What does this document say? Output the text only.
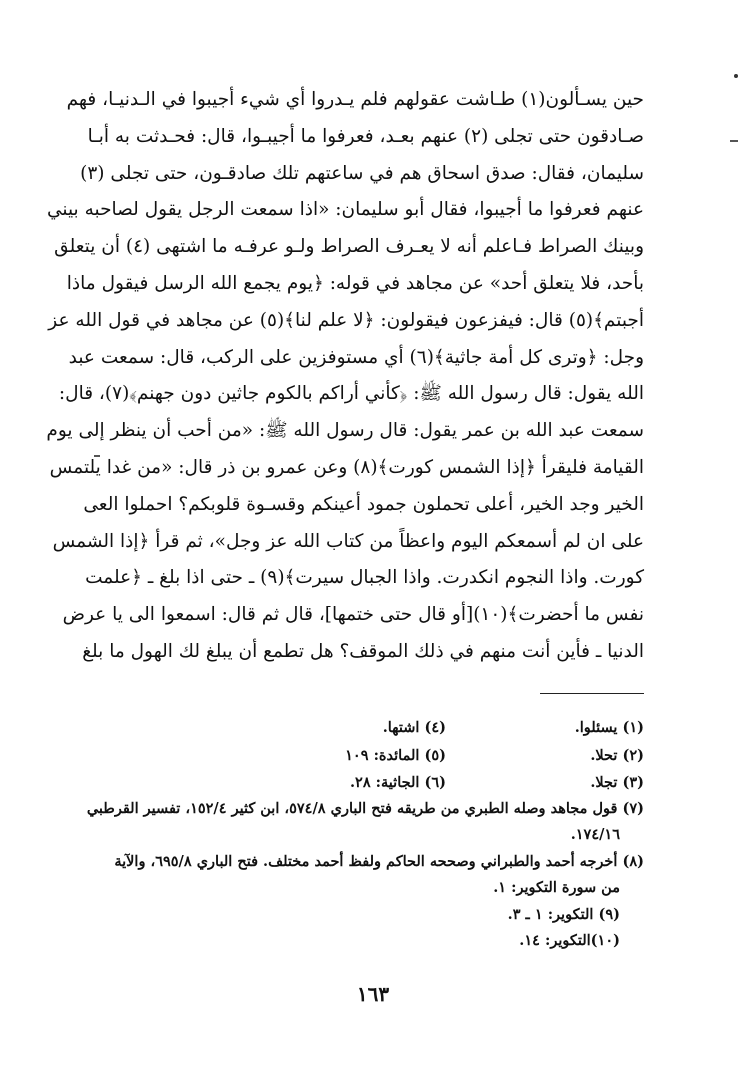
حين يسـألون(١) طـاشت عقولهم فلم يـدروا أي شيء أجيبوا في الـدنيـا، فهم
صـادقون حتى تجلى (٢) عنهم بعـد، فعرفوا ما أجيبـوا، قال: فحـدثت به أبـا
سليمان، فقال: صدق اسحاق هم في ساعتهم تلك صادقـون، حتى تجلى (٣)
عنهم فعرفوا ما أجيبوا، فقال أبو سليمان: «اذا سمعت الرجل يقول لصاحبه بيني
وبينك الصراط فـاعلم أنه لا يعـرف الصراط ولـو عرفـه ما اشتهى (٤) أن يتعلق
بأحد، فلا يتعلق أحد» عن مجاهد في قوله: ﴿يوم يجمع الله الرسل فيقول ماذا
أجبتم﴾(٥) قال: فيفزعون فيقولون: ﴿لا علم لنا﴾(٥) عن مجاهد في قول الله عز
وجل: ﴿وترى كل أمة جاثية﴾(٦) أي مستوفزين على الركب، قال: سمعت عبد
الله يقول: قال رسول الله ﷺ: ﴿كأني أراكم بالكوم جاثين دون جهنم﴾(٧)، قال:
سمعت عبد الله بن عمر يقول: قال رسول الله ﷺ: «من أحب أن ينظر إلى يوم
القيامة فليقرأ ﴿إذا الشمس كورت﴾(٨) وعن عمرو بن ذر قال: «من غدا يلتمس
الخير وجد الخير، أعلى تحملون جمود أعينكم وقسـوة قلوبكم؟ احملوا العى
على ان لم أسمعكم اليوم واعظاً من كتاب الله عز وجل»، ثم قرأ ﴿إذا الشمس
كورت. واذا النجوم انكدرت. واذا الجبال سيرت﴾(٩) ـ حتى اذا بلغ ـ ﴿علمت
نفس ما أحضرت﴾(١٠)[أو قال حتى ختمها]، قال ثم قال: اسمعوا الى يا عرض
الدنيا ـ فأين أنت منهم في ذلك الموقف؟ هل تطمع أن يبلغ لك الهول ما بلغ
(١) يسئلوا.
(٤) اشتها.
(٢) تحلا.
(٥) المائدة: ١٠٩
(٣) تجلا.
(٦) الجاثية: ٢٨.
(٧) قول مجاهد وصله الطبري من طريقه فتح الباري ٥٧٤/٨، ابن كثير ١٥٢/٤، تفسير القرطبي
١٧٤/١٦.
(٨) أخرجه أحمد والطبراني وصححه الحاكم ولفظ أحمد مختلف. فتح الباري ٦٩٥/٨، والآية
من سورة التكوير: ١.
(٩) التكوير: ١ ـ ٣.
(١٠)التكوير: ١٤.
١٦٣
